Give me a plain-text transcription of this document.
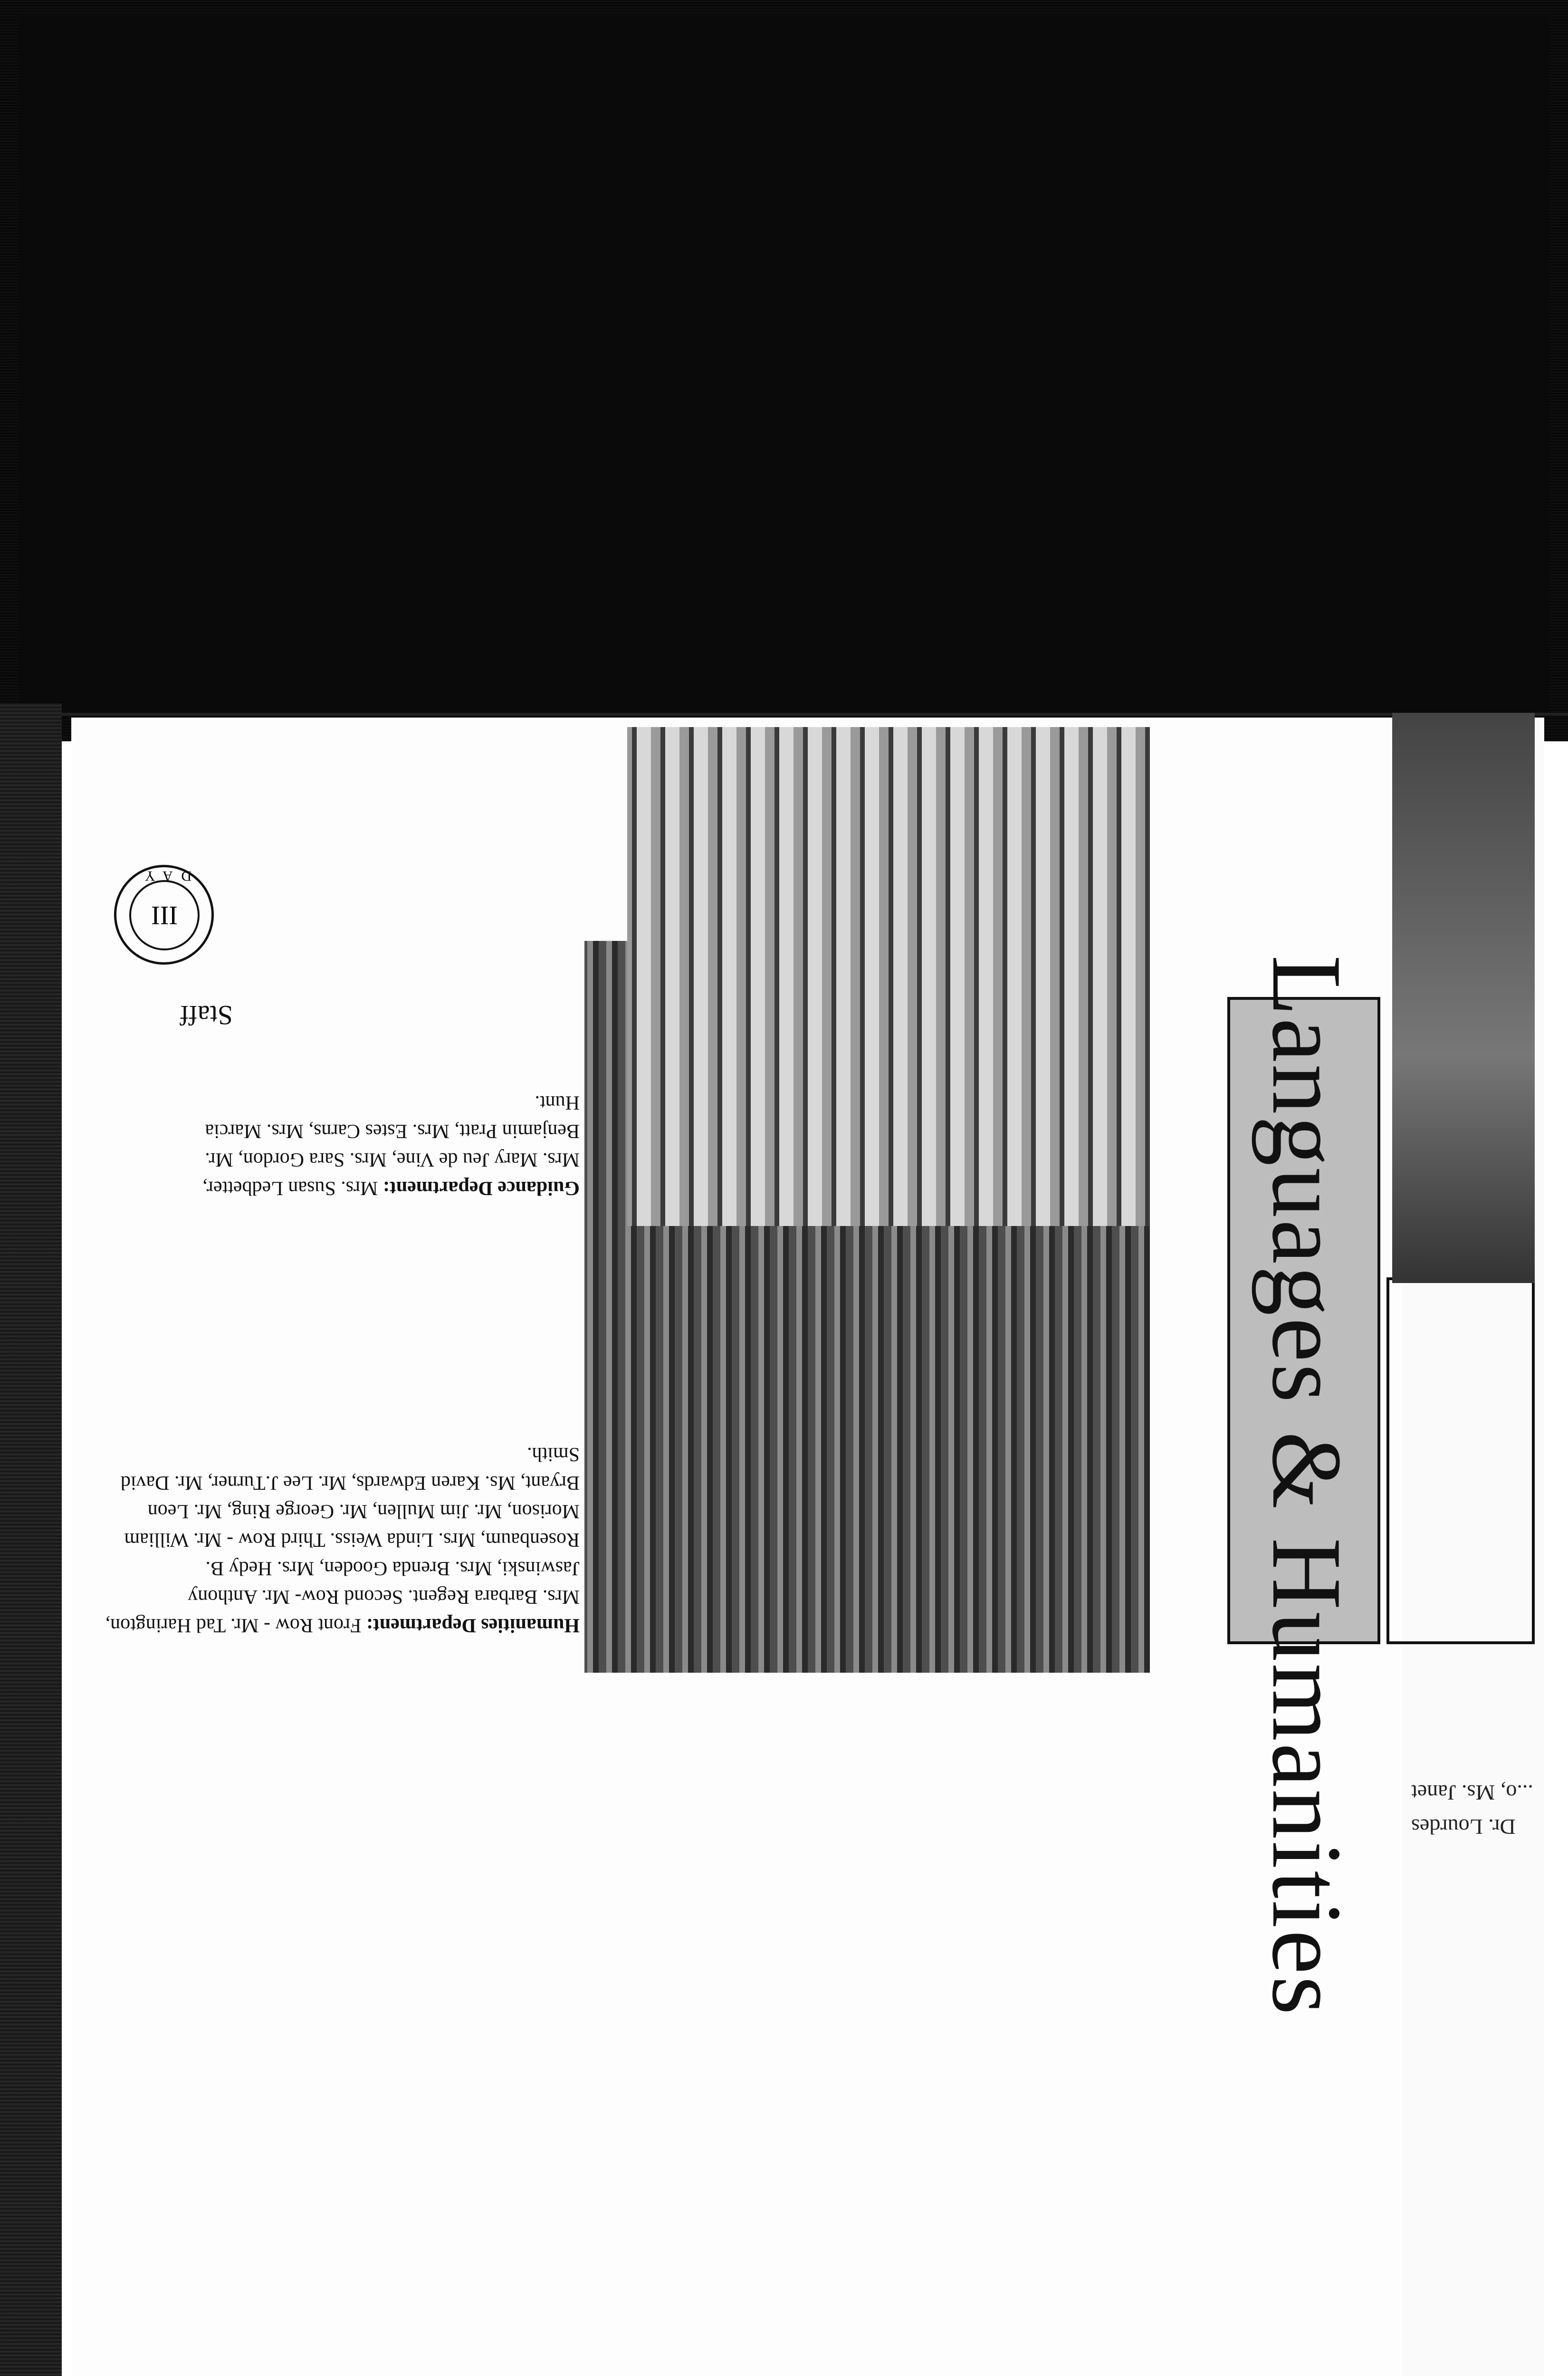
Dr. Lourdes ...o, Ms. Janet
Languages & Humanities
Humanities Department: Front Row - Mr. Tad Harington, Mrs. Barbara Regent. Second Row- Mr. Anthony Jaswinski, Mrs. Brenda Gooden, Mrs. Hedy B. Rosenbaum, Mrs. Linda Weiss. Third Row - Mr. William Morison, Mr. Jim Mullen, Mr. George Ring, Mr. Leon Bryant, Ms. Karen Edwards, Mr. Lee J.Turner, Mr. David Smith.
Guidance Department: Mrs. Susan Ledbetter, Mrs. Mary Jeu de Vine, Mrs. Sara Gordon, Mr. Benjamin Pratt, Mrs. Estes Carns, Mrs. Marcia Hunt.
Staff
III
DAY
